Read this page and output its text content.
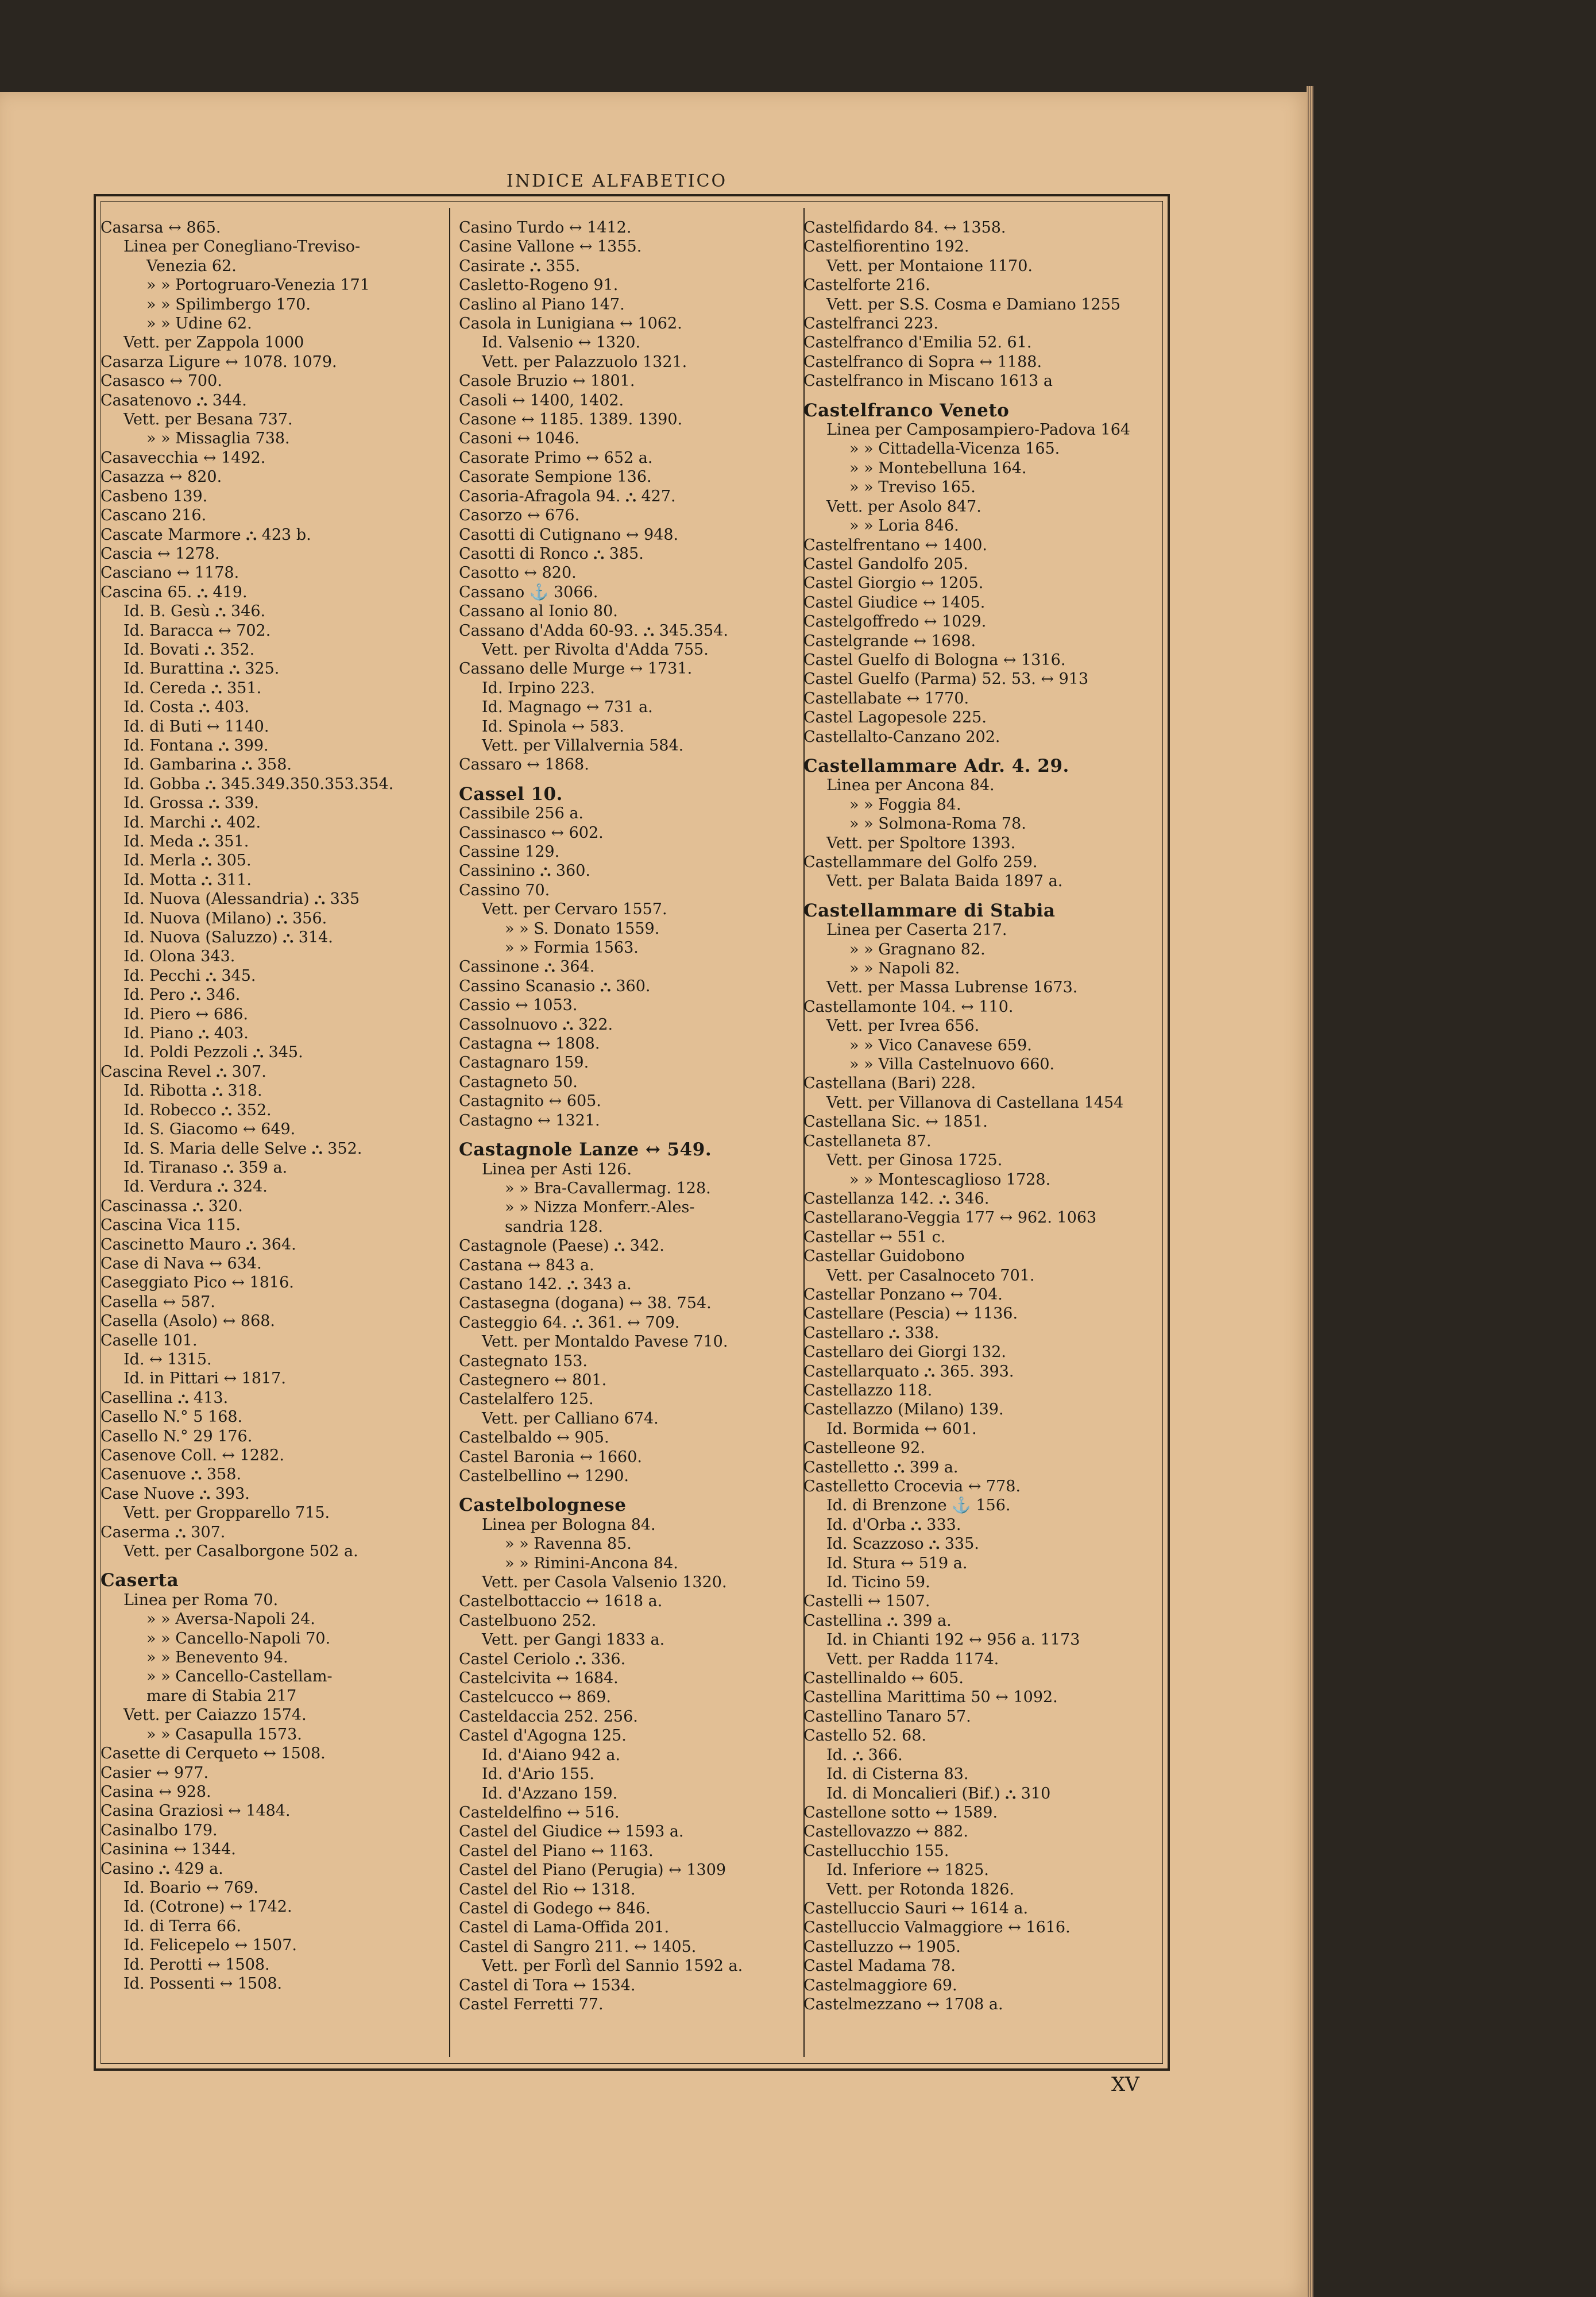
INDICE ALFABETICO
Casarsa ↔ 865.
Linea per Conegliano-Treviso-
Venezia 62.
» » Portogruaro-Venezia 171
» » Spilimbergo 170.
» » Udine 62.
Vett. per Zappola 1000
Casarza Ligure ↔ 1078. 1079.
Casasco ↔ 700.
Casatenovo ⛬ 344.
Vett. per Besana 737.
» » Missaglia 738.
Casavecchia ↔ 1492.
Casazza ↔ 820.
Casbeno 139.
Cascano 216.
Cascate Marmore ⛬ 423 b.
Cascia ↔ 1278.
Casciano ↔ 1178.
Cascina 65. ⛬ 419.
Id. B. Gesù ⛬ 346.
Id. Baracca ↔ 702.
Id. Bovati ⛬ 352.
Id. Burattina ⛬ 325.
Id. Cereda ⛬ 351.
Id. Costa ⛬ 403.
Id. di Buti ↔ 1140.
Id. Fontana ⛬ 399.
Id. Gambarina ⛬ 358.
Id. Gobba ⛬ 345.349.350.353.354.
Id. Grossa ⛬ 339.
Id. Marchi ⛬ 402.
Id. Meda ⛬ 351.
Id. Merla ⛬ 305.
Id. Motta ⛬ 311.
Id. Nuova (Alessandria) ⛬ 335
Id. Nuova (Milano) ⛬ 356.
Id. Nuova (Saluzzo) ⛬ 314.
Id. Olona 343.
Id. Pecchi ⛬ 345.
Id. Pero ⛬ 346.
Id. Piero ↔ 686.
Id. Piano ⛬ 403.
Id. Poldi Pezzoli ⛬ 345.
Cascina Revel ⛬ 307.
Id. Ribotta ⛬ 318.
Id. Robecco ⛬ 352.
Id. S. Giacomo ↔ 649.
Id. S. Maria delle Selve ⛬ 352.
Id. Tiranaso ⛬ 359 a.
Id. Verdura ⛬ 324.
Cascinassa ⛬ 320.
Cascina Vica 115.
Cascinetto Mauro ⛬ 364.
Case di Nava ↔ 634.
Caseggiato Pico ↔ 1816.
Casella ↔ 587.
Casella (Asolo) ↔ 868.
Caselle 101.
Id. ↔ 1315.
Id. in Pittari ↔ 1817.
Casellina ⛬ 413.
Casello N.° 5 168.
Casello N.° 29 176.
Casenove Coll. ↔ 1282.
Casenuove ⛬ 358.
Case Nuove ⛬ 393.
Vett. per Gropparello 715.
Caserma ⛬ 307.
Vett. per Casalborgone 502 a.
Caserta
Linea per Roma 70.
» » Aversa-Napoli 24.
» » Cancello-Napoli 70.
» » Benevento 94.
» » Cancello-Castellam-
mare di Stabia 217
Vett. per Caiazzo 1574.
» » Casapulla 1573.
Casette di Cerqueto ↔ 1508.
Casier ↔ 977.
Casina ↔ 928.
Casina Graziosi ↔ 1484.
Casinalbo 179.
Casinina ↔ 1344.
Casino ⛬ 429 a.
Id. Boario ↔ 769.
Id. (Cotrone) ↔ 1742.
Id. di Terra 66.
Id. Felicepelo ↔ 1507.
Id. Perotti ↔ 1508.
Id. Possenti ↔ 1508.
Casino Turdo ↔ 1412.
Casine Vallone ↔ 1355.
Casirate ⛬ 355.
Casletto-Rogeno 91.
Caslino al Piano 147.
Casola in Lunigiana ↔ 1062.
Id. Valsenio ↔ 1320.
Vett. per Palazzuolo 1321.
Casole Bruzio ↔ 1801.
Casoli ↔ 1400, 1402.
Casone ↔ 1185. 1389. 1390.
Casoni ↔ 1046.
Casorate Primo ↔ 652 a.
Casorate Sempione 136.
Casoria-Afragola 94. ⛬ 427.
Casorzo ↔ 676.
Casotti di Cutignano ↔ 948.
Casotti di Ronco ⛬ 385.
Casotto ↔ 820.
Cassano ⚓ 3066.
Cassano al Ionio 80.
Cassano d'Adda 60-93. ⛬ 345.354.
Vett. per Rivolta d'Adda 755.
Cassano delle Murge ↔ 1731.
Id. Irpino 223.
Id. Magnago ↔ 731 a.
Id. Spinola ↔ 583.
Vett. per Villalvernia 584.
Cassaro ↔ 1868.
Cassel 10.
Cassibile 256 a.
Cassinasco ↔ 602.
Cassine 129.
Cassinino ⛬ 360.
Cassino 70.
Vett. per Cervaro 1557.
» » S. Donato 1559.
» » Formia 1563.
Cassinone ⛬ 364.
Cassino Scanasio ⛬ 360.
Cassio ↔ 1053.
Cassolnuovo ⛬ 322.
Castagna ↔ 1808.
Castagnaro 159.
Castagneto 50.
Castagnito ↔ 605.
Castagno ↔ 1321.
Castagnole Lanze ↔ 549.
Linea per Asti 126.
» » Bra-Cavallermag. 128.
» » Nizza Monferr.-Ales-
sandria 128.
Castagnole (Paese) ⛬ 342.
Castana ↔ 843 a.
Castano 142. ⛬ 343 a.
Castasegna (dogana) ↔ 38. 754.
Casteggio 64. ⛬ 361. ↔ 709.
Vett. per Montaldo Pavese 710.
Castegnato 153.
Castegnero ↔ 801.
Castelalfero 125.
Vett. per Calliano 674.
Castelbaldo ↔ 905.
Castel Baronia ↔ 1660.
Castelbellino ↔ 1290.
Castelbolognese
Linea per Bologna 84.
» » Ravenna 85.
» » Rimini-Ancona 84.
Vett. per Casola Valsenio 1320.
Castelbottaccio ↔ 1618 a.
Castelbuono 252.
Vett. per Gangi 1833 a.
Castel Ceriolo ⛬ 336.
Castelcivita ↔ 1684.
Castelcucco ↔ 869.
Casteldaccia 252. 256.
Castel d'Agogna 125.
Id. d'Aiano 942 a.
Id. d'Ario 155.
Id. d'Azzano 159.
Casteldelfino ↔ 516.
Castel del Giudice ↔ 1593 a.
Castel del Piano ↔ 1163.
Castel del Piano (Perugia) ↔ 1309
Castel del Rio ↔ 1318.
Castel di Godego ↔ 846.
Castel di Lama-Offida 201.
Castel di Sangro 211. ↔ 1405.
Vett. per Forlì del Sannio 1592 a.
Castel di Tora ↔ 1534.
Castel Ferretti 77.
Castelfidardo 84. ↔ 1358.
Castelfiorentino 192.
Vett. per Montaione 1170.
Castelforte 216.
Vett. per S.S. Cosma e Damiano 1255
Castelfranci 223.
Castelfranco d'Emilia 52. 61.
Castelfranco di Sopra ↔ 1188.
Castelfranco in Miscano 1613 a
Castelfranco Veneto
Linea per Camposampiero-Padova 164
» » Cittadella-Vicenza 165.
» » Montebelluna 164.
» » Treviso 165.
Vett. per Asolo 847.
» » Loria 846.
Castelfrentano ↔ 1400.
Castel Gandolfo 205.
Castel Giorgio ↔ 1205.
Castel Giudice ↔ 1405.
Castelgoffredo ↔ 1029.
Castelgrande ↔ 1698.
Castel Guelfo di Bologna ↔ 1316.
Castel Guelfo (Parma) 52. 53. ↔ 913
Castellabate ↔ 1770.
Castel Lagopesole 225.
Castellalto-Canzano 202.
Castellammare Adr. 4. 29.
Linea per Ancona 84.
» » Foggia 84.
» » Solmona-Roma 78.
Vett. per Spoltore 1393.
Castellammare del Golfo 259.
Vett. per Balata Baida 1897 a.
Castellammare di Stabia
Linea per Caserta 217.
» » Gragnano 82.
» » Napoli 82.
Vett. per Massa Lubrense 1673.
Castellamonte 104. ↔ 110.
Vett. per Ivrea 656.
» » Vico Canavese 659.
» » Villa Castelnuovo 660.
Castellana (Bari) 228.
Vett. per Villanova di Castellana 1454
Castellana Sic. ↔ 1851.
Castellaneta 87.
Vett. per Ginosa 1725.
» » Montescaglioso 1728.
Castellanza 142. ⛬ 346.
Castellarano-Veggia 177 ↔ 962. 1063
Castellar ↔ 551 c.
Castellar Guidobono
Vett. per Casalnoceto 701.
Castellar Ponzano ↔ 704.
Castellare (Pescia) ↔ 1136.
Castellaro ⛬ 338.
Castellaro dei Giorgi 132.
Castellarquato ⛬ 365. 393.
Castellazzo 118.
Castellazzo (Milano) 139.
Id. Bormida ↔ 601.
Castelleone 92.
Castelletto ⛬ 399 a.
Castelletto Crocevia ↔ 778.
Id. di Brenzone ⚓ 156.
Id. d'Orba ⛬ 333.
Id. Scazzoso ⛬ 335.
Id. Stura ↔ 519 a.
Id. Ticino 59.
Castelli ↔ 1507.
Castellina ⛬ 399 a.
Id. in Chianti 192 ↔ 956 a. 1173
Vett. per Radda 1174.
Castellinaldo ↔ 605.
Castellina Marittima 50 ↔ 1092.
Castellino Tanaro 57.
Castello 52. 68.
Id. ⛬ 366.
Id. di Cisterna 83.
Id. di Moncalieri (Bif.) ⛬ 310
Castellone sotto ↔ 1589.
Castellovazzo ↔ 882.
Castellucchio 155.
Id. Inferiore ↔ 1825.
Vett. per Rotonda 1826.
Castelluccio Sauri ↔ 1614 a.
Castelluccio Valmaggiore ↔ 1616.
Castelluzzo ↔ 1905.
Castel Madama 78.
Castelmaggiore 69.
Castelmezzano ↔ 1708 a.
XV
